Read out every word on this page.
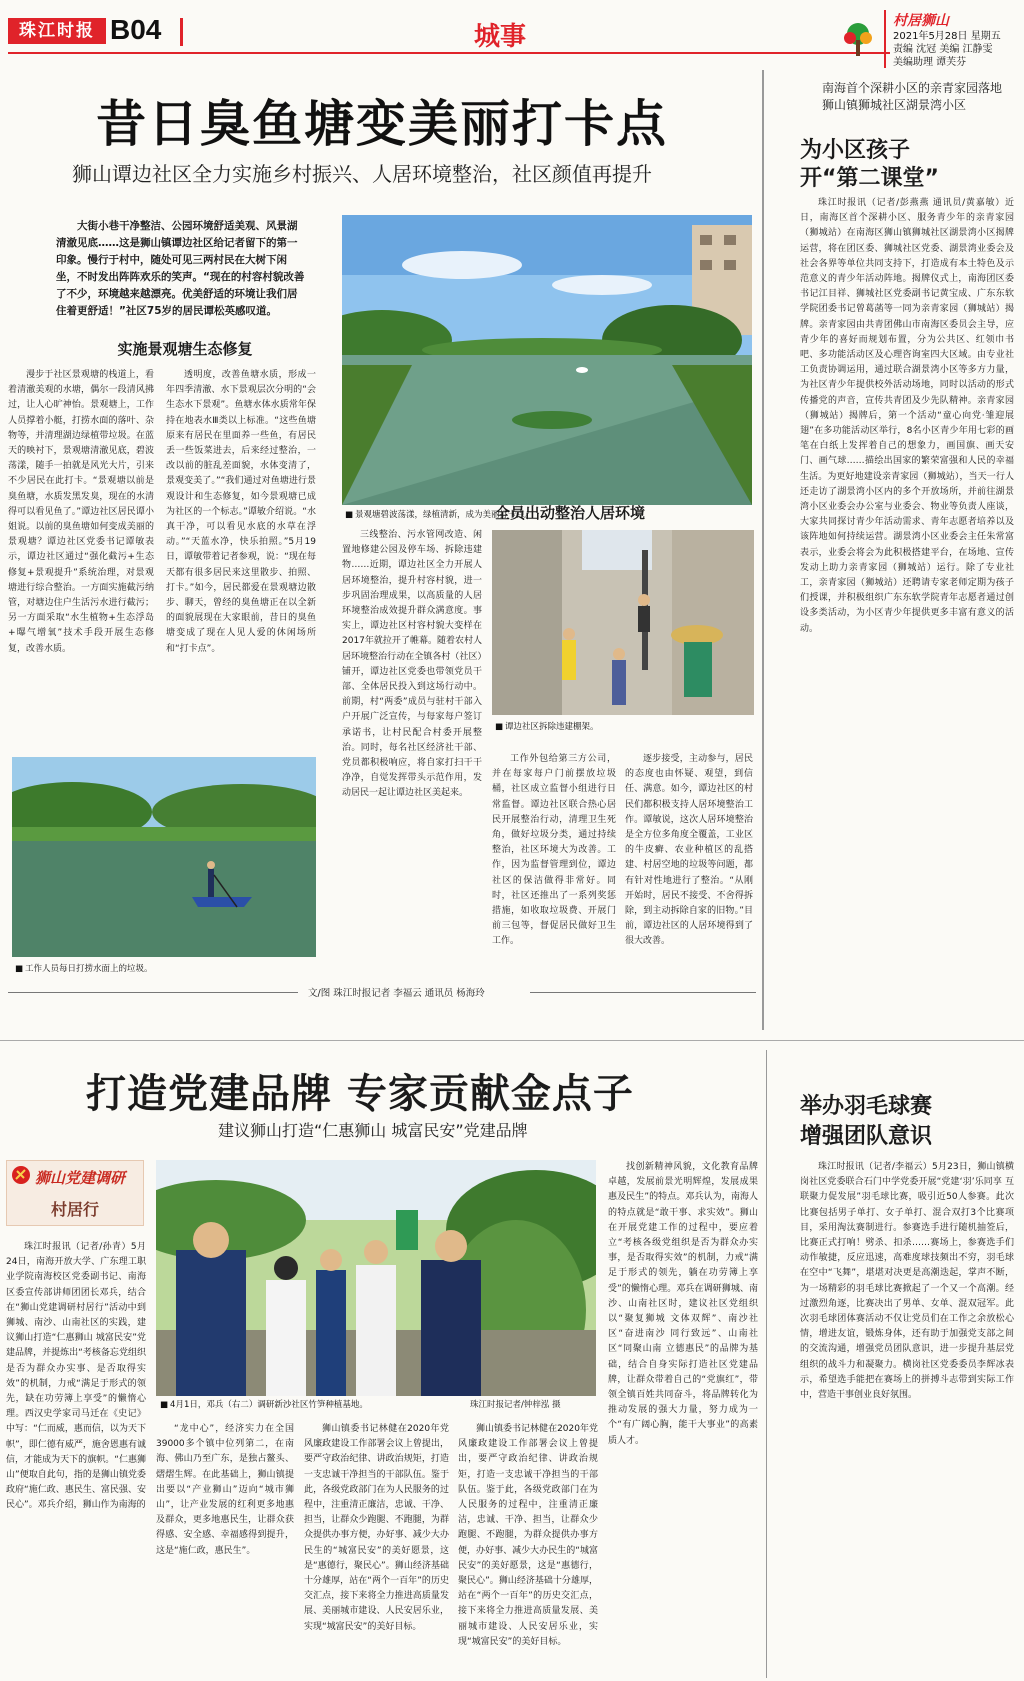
珠江时报 B04	城事
村居狮山
2021年5月28日 星期五
责编 沈冠 美编 江静雯
美编助理 谭芙芬
昔日臭鱼塘变美丽打卡点
狮山谭边社区全力实施乡村振兴、人居环境整治，社区颜值再提升
大街小巷干净整洁、公园环境舒适美观、风景湖清澈见底……这是狮山镇谭边社区给记者留下的第一印象。慢行于村中，随处可见三两村民在大树下闲坐，不时发出阵阵欢乐的笑声。“现在的村容村貌改善了不少，环境越来越漂亮。优美舒适的环境让我们居住着更舒适！”社区75岁的居民谭松英感叹道。
■ 景观塘碧波荡漾，绿植清新，成为美丽打卡点。
实施景观塘生态修复
漫步于社区景观塘的栈道上，看着清澈美观的水塘，偶尔一段清风拂过，让人心旷神怡。景观塘上，工作人员撑着小艇，打捞水面的落叶、杂物等，并清理湖边绿植带垃圾。在蓝天的映衬下，景观塘清澈见底，碧波荡漾，随手一拍就是风光大片，引来不少居民在此打卡。“景观塘以前是臭鱼塘，水质发黑发臭，现在的水清得可以看见鱼了。”谭边社区居民谭小姐说。以前的臭鱼塘如何变成美丽的景观塘？谭边社区党委书记谭敏表示，谭边社区通过“强化截污+生态修复+景观提升”系统治理，对景观塘进行综合整治。一方面实施截污纳管，对塘边住户生活污水进行截污；另一方面采取“水生植物+生态浮岛+曝气增氧”技术手段开展生态修复，改善水质。
透明度，改善鱼塘水质，形成一年四季清澈、水下景观层次分明的“会生态水下景观”。鱼塘水体水质常年保持在地表水Ⅲ类以上标准。“这些鱼塘原来有居民在里面养一些鱼，有居民丢一些饭菜进去，后来经过整治，一改以前的脏乱差面貌，水体变清了，景观变美了。”“我们通过对鱼塘进行景观设计和生态修复，如今景观塘已成为社区的一个标志。”谭敏介绍说。“水真干净，可以看见水底的水草在浮动。”“天蓝水净，快乐拍照。”5月19日，谭敏带着记者参观，说：“现在每天都有很多居民来这里散步、拍照、打卡。”如今，居民都爱在景观塘边散步、聊天，曾经的臭鱼塘正在以全新的面貌展现在大家眼前，昔日的臭鱼塘变成了现在人见人爱的休闲场所和“打卡点”。
■ 工作人员每日打捞水面上的垃圾。
全员出动整治人居环境
三线整治、污水管网改造、闲置地修建公园及停车场、拆除违建物……近期，谭边社区全力开展人居环境整治，提升村容村貌，进一步巩固治理成果，以高质量的人居环境整治成效提升群众满意度。事实上，谭边社区村容村貌大变样在2017年就拉开了帷幕。随着农村人居环境整治行动在全镇各村（社区）铺开，谭边社区党委也带领党员干部、全体居民投入到这场行动中。前期，村“两委”成员与驻村干部入户开展广泛宣传，与每家每户签订承诺书，让村民配合村委开展整治。同时，每名社区经济社干部、党员都积极响应，将自家打扫干干净净，自觉发挥带头示范作用，发动居民一起让谭边社区美起来。
■ 谭边社区拆除违建棚架。
工作外包给第三方公司，并在每家每户门前摆放垃圾桶，社区成立监督小组进行日常监督。谭边社区联合热心居民开展整治行动，清理卫生死角，做好垃圾分类，通过持续整治，社区环境大为改善。工作，因为监督管理到位，谭边社区的保洁做得非常好。同时，社区还推出了一系列奖惩措施，如收取垃圾费、开展门前三包等，督促居民做好卫生工作。
逐步接受，主动参与，居民的态度也由怀疑、观望，到信任、满意。如今，谭边社区的村民们都积极支持人居环境整治工作。谭敏说，这次人居环境整治是全方位多角度全覆盖，工业区的牛皮癣、农业种植区的乱搭建、村居空地的垃圾等问题，都有针对性地进行了整治。“从刚开始时，居民不接受、不舍得拆除，到主动拆除自家的旧物。”目前，谭边社区的人居环境得到了很大改善。
文/图 珠江时报记者 李福云 通讯员 杨海玲
南海首个深耕小区的亲青家园落地狮山镇狮城社区湖景湾小区
为小区孩子
开“第二课堂”
珠江时报讯（记者/彭燕燕 通讯员/黄嘉敏）近日，南海区首个深耕小区、服务青少年的亲青家园（狮城站）在南海区狮山镇狮城社区湖景湾小区揭牌运营，将在团区委、狮城社区党委、湖景湾业委会及社会各界等单位共同支持下，打造成有本土特色及示范意义的青少年活动阵地。揭牌仪式上，南海团区委书记江目祥、狮城社区党委副书记黄宝成、广东东软学院团委书记曾葛菡等一同为亲青家园（狮城站）揭牌。亲青家园由共青团佛山市南海区委员会主导，应青少年的喜好而规划布置，分为公共区、红领巾书吧、多功能活动区及心理咨询室四大区域。由专业社工负责协调运用，通过联合湖景湾小区等多方力量，为社区青少年提供校外活动场地，同时以活动的形式传播党的声音，宣传共青团及少先队精神。亲青家园（狮城站）揭牌后，第一个活动“童心向党·雏迎展翅”在多功能活动区举行，8名小区青少年用七彩的画笔在白纸上发挥着自己的想象力，画国旗、画天安门、画气球……描绘出国家的繁荣富强和人民的幸福生活。为更好地建设亲青家园（狮城站），当天一行人还走访了湖景湾小区内的多个开放场所，并前往湖景湾小区业委会办公室与业委会、物业等负责人座谈，大家共同探讨青少年活动需求、青年志愿者培养以及该阵地如何持续运营。湖景湾小区业委会主任朱常富表示，业委会将会为此积极搭建平台，在场地、宣传发动上助力亲青家园（狮城站）运行。除了专业社工，亲青家园（狮城站）还聘请专家老师定期为孩子们授课，并积极组织广东东软学院青年志愿者通过创设多类活动，为小区青少年提供更多丰富有意义的活动。
打造党建品牌 专家贡献金点子
建议狮山打造“仁惠狮山 城富民安”党建品牌
狮山党建调研
村居行
珠江时报讯（记者/孙青）5月24日，南海开放大学、广东理工职业学院南海校区党委副书记、南海区委宣传部讲师团团长邓兵，结合在“狮山党建调研村居行”活动中到狮城、南沙、山南社区的实践，建议狮山打造“仁惠狮山 城富民安”党建品牌，并提炼出“考核备忘党组织是否为群众办实事、是否取得实效”的机制，力戒“满足于形式的领先，缺在功劳簿上享受”的懒惰心理。西汉史学家司马迁在《史记》中写：“仁而威，惠而信，以为天下帜”，即仁德有威严，施舍恩惠有诚信，才能成为天下的旗帜。“仁惠狮山”便取自此句，指的是狮山镇党委政府“施仁政、惠民生、富民强、安民心”。邓兵介绍，狮山作为南海的
■ 4月1日，邓兵（右二）调研新沙社区竹笋种植基地。	珠江时报记者/钟梓泓 摄
“龙中心”，经济实力在全国39000多个镇中位列第二，在南海、佛山乃至广东，是独占鳌头、熠熠生辉。在此基础上，狮山镇提出要以“产业狮山”迈向“城市狮山”，让产业发展的红利更多地惠及群众，更多地惠民生，让群众获得感、安全感、幸福感得到提升，这是“施仁政，惠民生”。
狮山镇委书记林健在2020年党风廉政建设工作部署会议上曾提出，要严守政治纪律、讲政治规矩，打造一支忠诚干净担当的干部队伍。鉴于此，各级党政部门在为人民服务的过程中，注重清正廉洁，忠诚、干净、担当，让群众少跑腿、不跑腿，为群众提供办事方便，办好事、减少大办民生的“城富民安”的美好愿景，这是“惠德行，聚民心”。狮山经济基础十分雄厚，站在“两个一百年”的历史交汇点，接下来将全力推进高质量发展、美丽城市建设、人民安居乐业，实现“城富民安”的美好目标。
狮山镇委书记林健在2020年党风廉政建设工作部署会议上曾提出，要严守政治纪律、讲政治规矩，打造一支忠诚干净担当的干部队伍。鉴于此，各级党政部门在为人民服务的过程中，注重清正廉洁，忠诚、干净、担当，让群众少跑腿、不跑腿，为群众提供办事方便，办好事、减少大办民生的“城富民安”的美好愿景，这是“惠德行，聚民心”。狮山经济基础十分雄厚，站在“两个一百年”的历史交汇点，接下来将全力推进高质量发展、美丽城市建设、人民安居乐业，实现“城富民安”的美好目标。
找创新精神风貌，文化教育品牌卓越，发展前景光明辉煌，发展成果惠及民生”的特点。邓兵认为，南海人的特点就是“敢干事、求实效”。狮山在开展党建工作的过程中，要应着立“考核各级党组织是否为群众办实事，是否取得实效”的机制，力戒“满足于形式的领先，躺在功劳簿上享受”的懒惰心理。邓兵在调研狮城、南沙、山南社区时，建议社区党组织以“聚复狮城 文体双辉”、南沙社区“奋进南沙 同行致远”、山南社区“同聚山南 立德惠民”的品牌为基础，结合自身实际打造社区党建品牌，让群众带着自己的“党旗红”，带领全镇百姓共同奋斗，将品牌转化为推动发展的强大力量，努力成为一个“有广阔心胸，能干大事业”的高素质人才。
举办羽毛球赛
增强团队意识
珠江时报讯（记者/李福云）5月23日，狮山镇横岗社区党委联合石门中学党委开展“党建‘羽’乐同享 互联聚力促发展”羽毛球比赛，吸引近50人参赛。此次比赛包括男子单打、女子单打、混合双打3个比赛项目，采用淘汰赛制进行。参赛选手进行随机抽签后，比赛正式打响！劈杀、扣杀……赛场上，参赛选手们动作敏捷，反应迅速，高难度球技频出不穷，羽毛球在空中“飞舞”，堪堪对决更是高潮迭起，掌声不断，为一场精彩的羽毛球比赛掀起了一个又一个高潮。经过激烈角逐，比赛决出了男单、女单、混双冠军。此次羽毛球团体赛活动不仅让党员们在工作之余放松心情，增进友谊，锻炼身体，还有助于加强党支部之间的交流沟通，增强党员团队意识，进一步提升基层党组织的战斗力和凝聚力。横岗社区党委委员李辉冰表示，希望选手能把在赛场上的拼搏斗志带到实际工作中，营造干事创业良好氛围。
